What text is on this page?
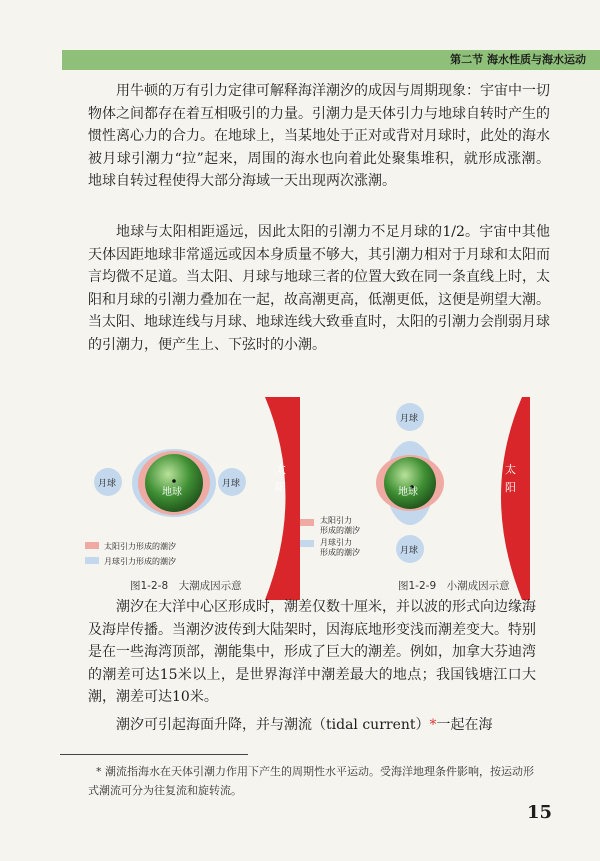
第二节 海水性质与海水运动

用牛顿的万有引力定律可解释海洋潮汐的成因与周期现象：宇宙中一切物体之间都存在着互相吸引的力量。引潮力是天体引力与地球自转时产生的惯性离心力的合力。在地球上，当某地处于正对或背对月球时，此处的海水被月球引潮力“拉”起来，周围的海水也向着此处聚集堆积，就形成涨潮。地球自转过程使得大部分海域一天出现两次涨潮。

地球与太阳相距遥远，因此太阳的引潮力不足月球的1/2。宇宙中其他天体因距地球非常遥远或因本身质量不够大，其引潮力相对于月球和太阳而言均微不足道。当太阳、月球与地球三者的位置大致在同一条直线上时，太阳和月球的引潮力叠加在一起，故高潮更高，低潮更低，这便是朔望大潮。当太阳、地球连线与月球、地球连线大致垂直时，太阳的引潮力会削弱月球的引潮力，便产生上、下弦时的小潮。

太
阳
地球
月球	月球
太阳引力形成的潮汐
月球引力形成的潮汐
太
阳
地球
月球
月球
太阳引力
形成的潮汐
月球引力
形成的潮汐
图1-2-8　大潮成因示意	图1-2-9　小潮成因示意

潮汐在大洋中心区形成时，潮差仅数十厘米，并以波的形式向边缘海及海岸传播。当潮汐波传到大陆架时，因海底地形变浅而潮差变大。特别是在一些海湾顶部，潮能集中，形成了巨大的潮差。例如，加拿大芬迪湾的潮差可达15米以上，是世界海洋中潮差最大的地点；我国钱塘江口大潮，潮差可达10米。

潮汐可引起海面升降，并与潮流（tidal current）*一起在海

* 潮流指海水在天体引潮力作用下产生的周期性水平运动。受海洋地理条件影响，按运动形式潮流可分为往复流和旋转流。
15
